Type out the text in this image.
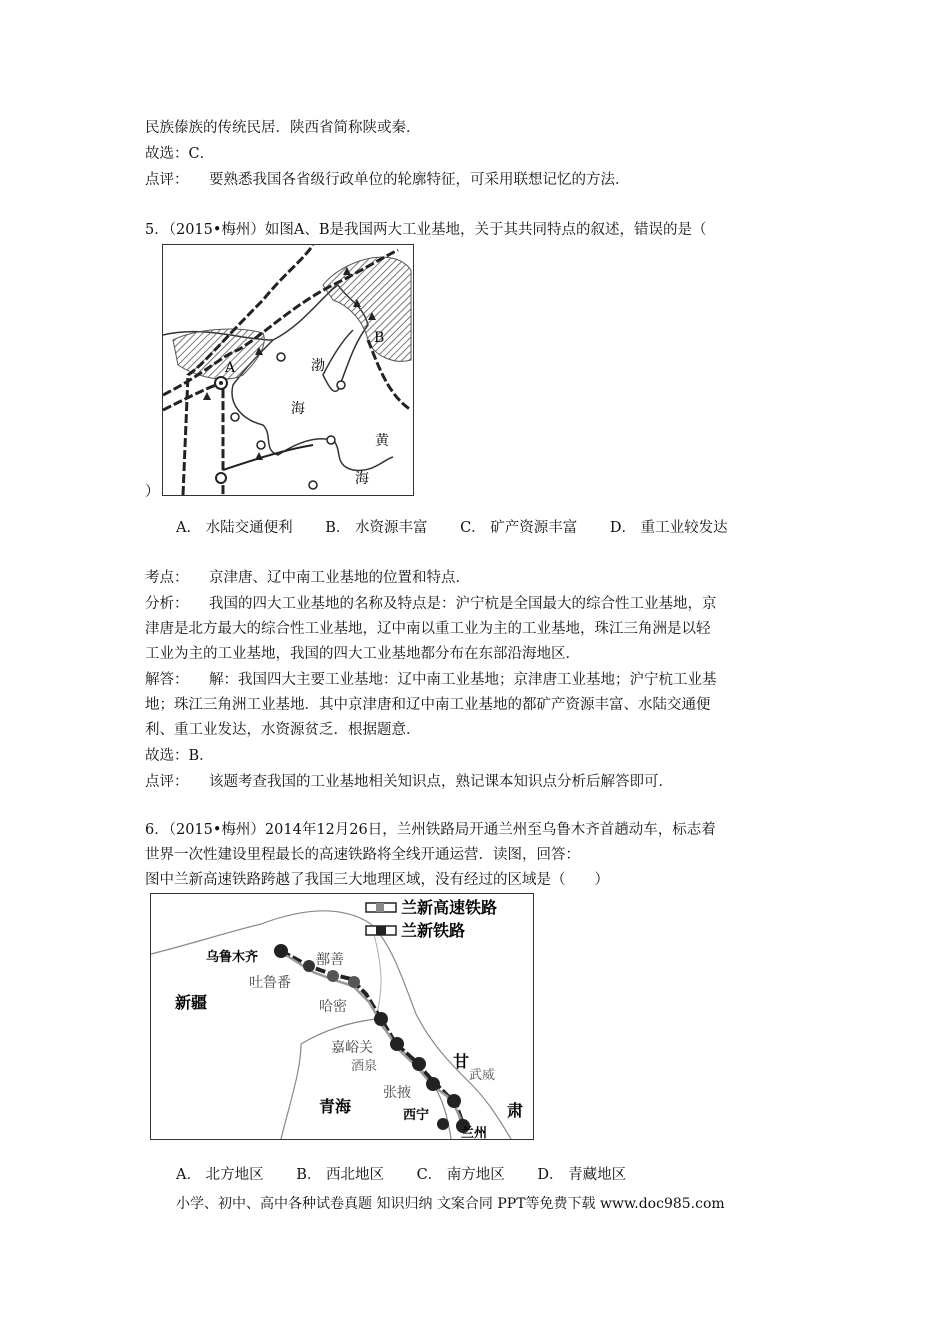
民族傣族的传统民居．陕西省简称陕或秦．
故选：C．
点评： 要熟悉我国各省级行政单位的轮廓特征，可采用联想记忆的方法．
5．（2015•梅州）如图A、B是我国两大工业基地，关于其共同特点的叙述，错误的是（
A
B
渤
海
黄
海
）
A． 水陆交通便利 B． 水资源丰富 C． 矿产资源丰富 D． 重工业较发达
考点： 京津唐、辽中南工业基地的位置和特点．
分析： 我国的四大工业基地的名称及特点是：沪宁杭是全国最大的综合性工业基地，京
津唐是北方最大的综合性工业基地，辽中南以重工业为主的工业基地，珠江三角洲是以轻
工业为主的工业基地，我国的四大工业基地都分布在东部沿海地区．
解答： 解：我国四大主要工业基地：辽中南工业基地；京津唐工业基地；沪宁杭工业基
地；珠江三角洲工业基地．其中京津唐和辽中南工业基地的都矿产资源丰富、水陆交通便
利、重工业发达，水资源贫乏．根据题意．
故选：B．
点评： 该题考查我国的工业基地相关知识点，熟记课本知识点分析后解答即可．
6．（2015•梅州）2014年12月26日，兰州铁路局开通兰州至乌鲁木齐首趟动车，标志着
世界一次性建设里程最长的高速铁路将全线开通运营．读图，回答：
图中兰新高速铁路跨越了我国三大地理区域，没有经过的区域是（　　）
兰新高速铁路
兰新铁路
乌鲁木齐
吐鲁番
鄯善
哈密
新疆
嘉峪关
酒泉
张掖
武威
甘
肃
西宁
青海
兰州
A． 北方地区 B． 西北地区 C． 南方地区 D． 青藏地区
小学、初中、高中各种试卷真题 知识归纳 文案合同 PPT等免费下载 www.doc985.com
